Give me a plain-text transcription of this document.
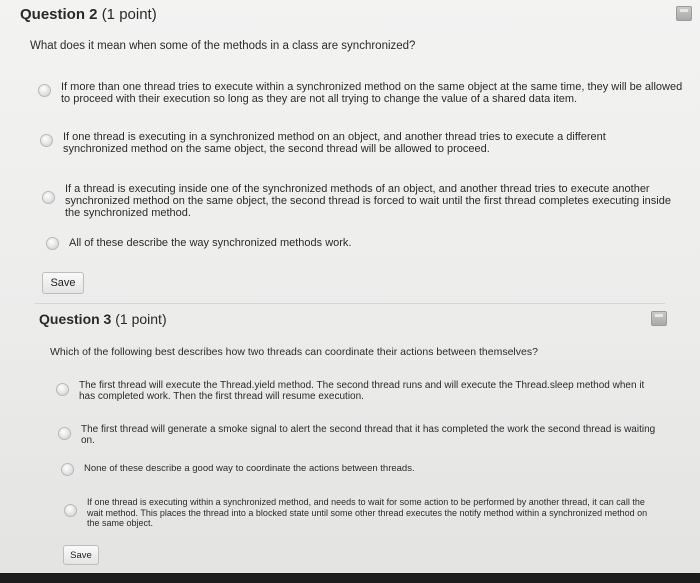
Question 2 (1 point)
What does it mean when some of the methods in a class are synchronized?
If more than one thread tries to execute within a synchronized method on the same object at the same time, they will be allowed to proceed with their execution so long as they are not all trying to change the value of a shared data item.
If one thread is executing in a synchronized method on an object, and another thread tries to execute a different synchronized method on the same object, the second thread will be allowed to proceed.
If a thread is executing inside one of the synchronized methods of an object, and another thread tries to execute another synchronized method on the same object, the second thread is forced to wait until the first thread completes executing inside the synchronized method.
All of these describe the way synchronized methods work.
Save
Question 3 (1 point)
Which of the following best describes how two threads can coordinate their actions between themselves?
The first thread will execute the Thread.yield method. The second thread runs and will execute the Thread.sleep method when it has completed work. Then the first thread will resume execution.
The first thread will generate a smoke signal to alert the second thread that it has completed the work the second thread is waiting on.
None of these describe a good way to coordinate the actions between threads.
If one thread is executing within a synchronized method, and needs to wait for some action to be performed by another thread, it can call the wait method. This places the thread into a blocked state until some other thread executes the notify method within a synchronized method on the same object.
Save
